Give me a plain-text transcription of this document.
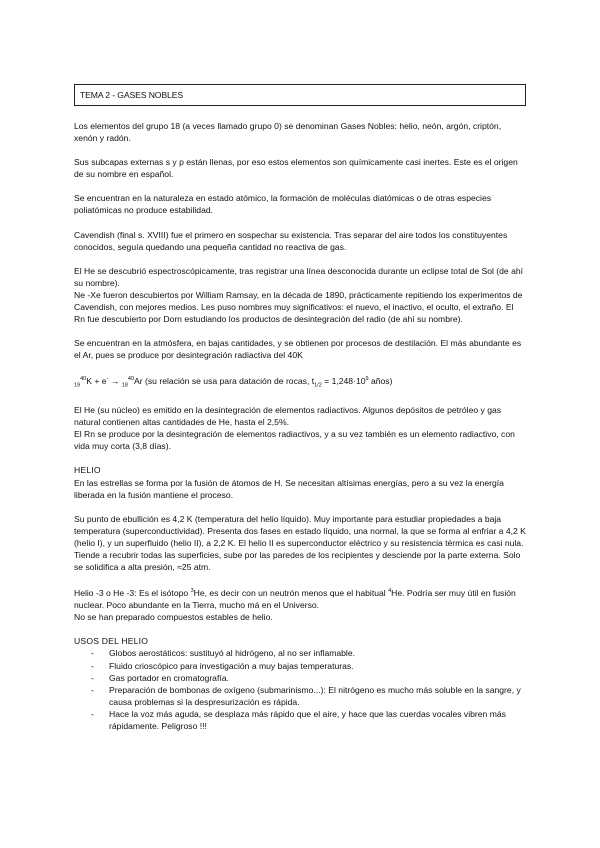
TEMA 2 - GASES NOBLES

Los elementos del grupo 18 (a veces llamado grupo 0) se denominan Gases Nobles: helio, neón, argón, criptón, xenón y radón.

Sus subcapas externas s y p están llenas, por eso estos elementos son químicamente casi inertes. Este es el origen de su nombre en español.

Se encuentran en la naturaleza en estado atómico, la formación de moléculas diatómicas o de otras especies poliatómicas no produce estabilidad.

Cavendish (final s. XVIII) fue el primero en sospechar su existencia. Tras separar del aire todos los constituyentes conocidos, seguía quedando una pequeña cantidad no reactiva de gas.

El He se descubrió espectroscópicamente, tras registrar una línea desconocida durante un eclipse total de Sol (de ahí su nombre).

Ne -Xe fueron descubiertos por William Ramsay, en la década de 1890, prácticamente repitiendo los experimentos de Cavendish, con mejores medios. Les puso nombres muy significativos: el nuevo, el inactivo, el oculto, el extraño. El Rn fue descubierto por Dorn estudiando los productos de desintegración del radio (de ahí su nombre).

Se encuentran en la atmósfera, en bajas cantidades, y se obtienen por procesos de destilación. El más abundante es el Ar, pues se produce por desintegración radiactiva del 40K

$_{19}^{40}$K + e- → $_{18}^{40}$Ar (su relación se usa para datación de rocas, $t_{1/2} = 1,248\cdot 10^9$ años)

El He (su núcleo) es emitido en la desintegración de elementos radiactivos. Algunos depósitos de petróleo y gas natural contienen altas cantidades de He, hasta el 2,5%.

El Rn se produce por la desintegración de elementos radiactivos, y a su vez también es un elemento radiactivo, con vida muy corta (3,8 días).

HELIO

En las estrellas se forma por la fusión de átomos de H. Se necesitan altísimas energías, pero a su vez la energía liberada en la fusión mantiene el proceso.

Su punto de ebullición es 4,2 K (temperatura del helio líquido). Muy importante para estudiar propiedades a baja temperatura (superconductividad). Presenta dos fases en estado líquido, una normal, la que se forma al enfriar a 4,2 K (helio I), y un superfluido (helio II), a 2,2 K. El helio II es superconductor eléctrico y su resistencia térmica es casi nula. Tiende a recubrir todas las superficies, sube por las paredes de los recipientes y desciende por la parte externa. Solo se solidifica a alta presión, ≈25 atm.

Helio -3 o He -3: Es el isótopo $^3$He, es decir con un neutrón menos que el habitual $^4$He. Podría ser muy útil en fusión nuclear. Poco abundante en la Tierra, mucho má en el Universo.

No se han preparado compuestos estables de helio.

USOS DEL HELIO

- Globos aerostáticos: sustituyó al hidrógeno, al no ser inflamable.
- Fluido crioscópico para investigación a muy bajas temperaturas.
- Gas portador en cromatografía.
- Preparación de bombonas de oxígeno (submarinismo...): El nitrógeno es mucho más soluble en la sangre, y causa problemas si la despresurización es rápida.
- Hace la voz más aguda, se desplaza más rápido que el aire, y hace que las cuerdas vocales vibren más rápidamente. Peligroso !!!
